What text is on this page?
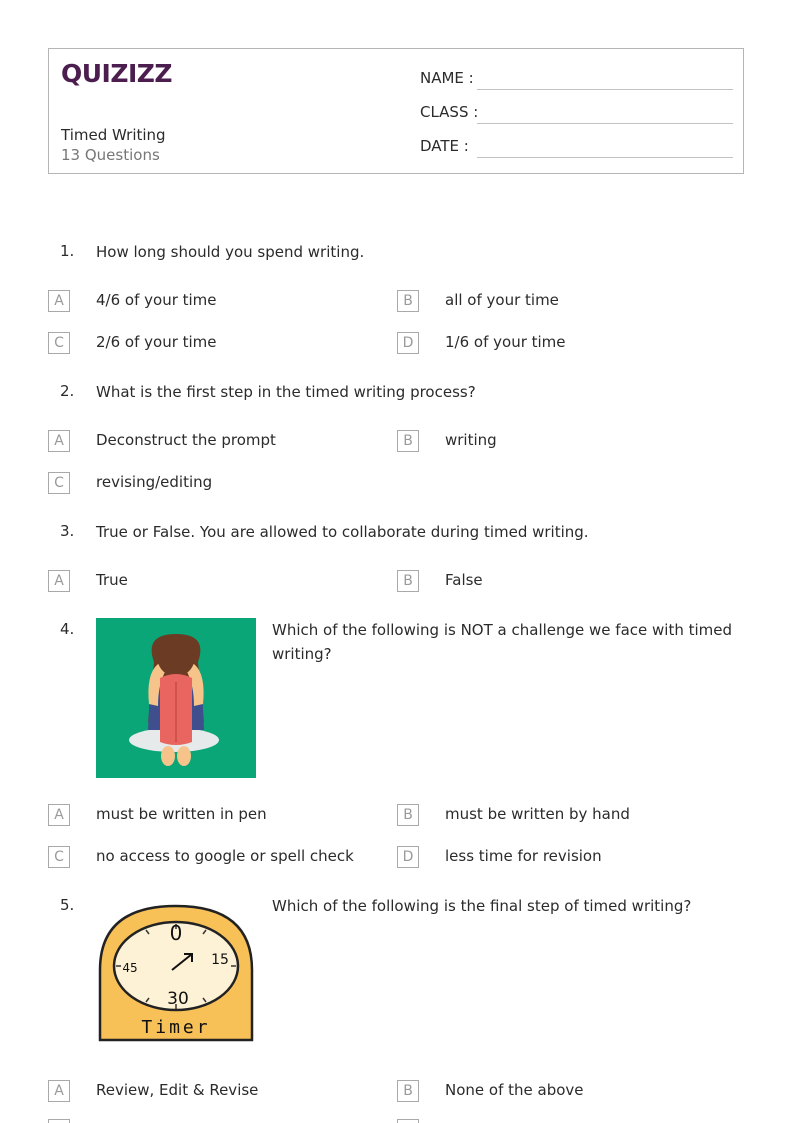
QUIZIZZ
Timed Writing
13 Questions
NAME :
CLASS :
DATE :
1. How long should you spend writing.
A	4/6 of your time	B	all of your time
C	2/6 of your time	D	1/6 of your time
2. What is the first step in the timed writing process?
A	Deconstruct the prompt	B	writing
C	revising/editing
3. True or False. You are allowed to collaborate during timed writing.
A	True	B	False
4.	Which of the following is NOT a challenge we face with timed writing?
A	must be written in pen	B	must be written by hand
C	no access to google or spell check	D	less time for revision
5.
0
45	15
30
Timer
Which of the following is the final step of timed writing?
A	Review, Edit & Revise	B	None of the above
